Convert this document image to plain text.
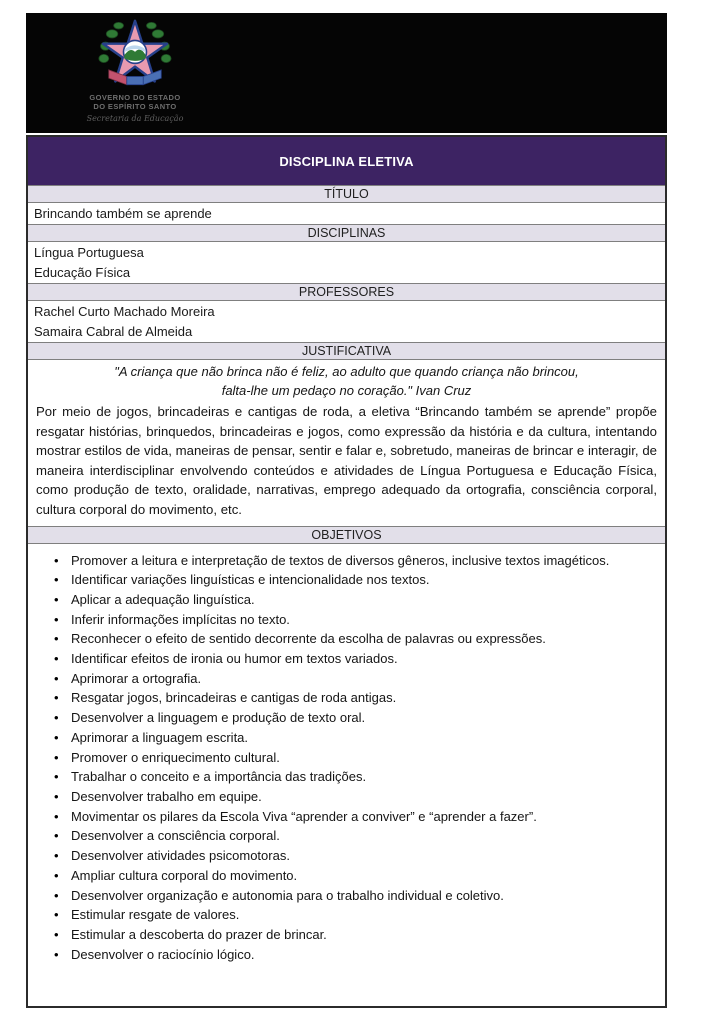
GOVERNO DO ESTADO
DO ESPÍRITO SANTO
Secretaria da Educação
DISCIPLINA ELETIVA
TÍTULO
Brincando também se aprende
DISCIPLINAS
Língua Portuguesa
Educação Física
PROFESSORES
Rachel Curto Machado Moreira
Samaira Cabral de Almeida
JUSTIFICATIVA
"A criança que não brinca não é feliz, ao adulto que quando criança não brincou,
falta-lhe um pedaço no coração." Ivan Cruz
Por meio de jogos, brincadeiras e cantigas de roda, a eletiva “Brincando também se aprende” propõe resgatar histórias, brinquedos, brincadeiras e jogos, como expressão da história e da cultura, intentando mostrar estilos de vida, maneiras de pensar, sentir e falar e, sobretudo, maneiras de brincar e interagir, de maneira interdisciplinar envolvendo conteúdos e atividades de Língua Portuguesa e Educação Física, como produção de texto, oralidade, narrativas, emprego adequado da ortografia, consciência corporal, cultura corporal do movimento, etc.
OBJETIVOS
• Promover a leitura e interpretação de textos de diversos gêneros, inclusive textos imagéticos.
• Identificar variações linguísticas e intencionalidade nos textos.
• Aplicar a adequação linguística.
• Inferir informações implícitas no texto.
• Reconhecer o efeito de sentido decorrente da escolha de palavras ou expressões.
• Identificar efeitos de ironia ou humor em textos variados.
• Aprimorar a ortografia.
• Resgatar jogos, brincadeiras e cantigas de roda antigas.
• Desenvolver a linguagem e produção de texto oral.
• Aprimorar a linguagem escrita.
• Promover o enriquecimento cultural.
• Trabalhar o conceito e a importância das tradições.
• Desenvolver trabalho em equipe.
• Movimentar os pilares da Escola Viva “aprender a conviver” e “aprender a fazer”.
• Desenvolver a consciência corporal.
• Desenvolver atividades psicomotoras.
• Ampliar cultura corporal do movimento.
• Desenvolver organização e autonomia para o trabalho individual e coletivo.
• Estimular resgate de valores.
• Estimular a descoberta do prazer de brincar.
• Desenvolver o raciocínio lógico.
